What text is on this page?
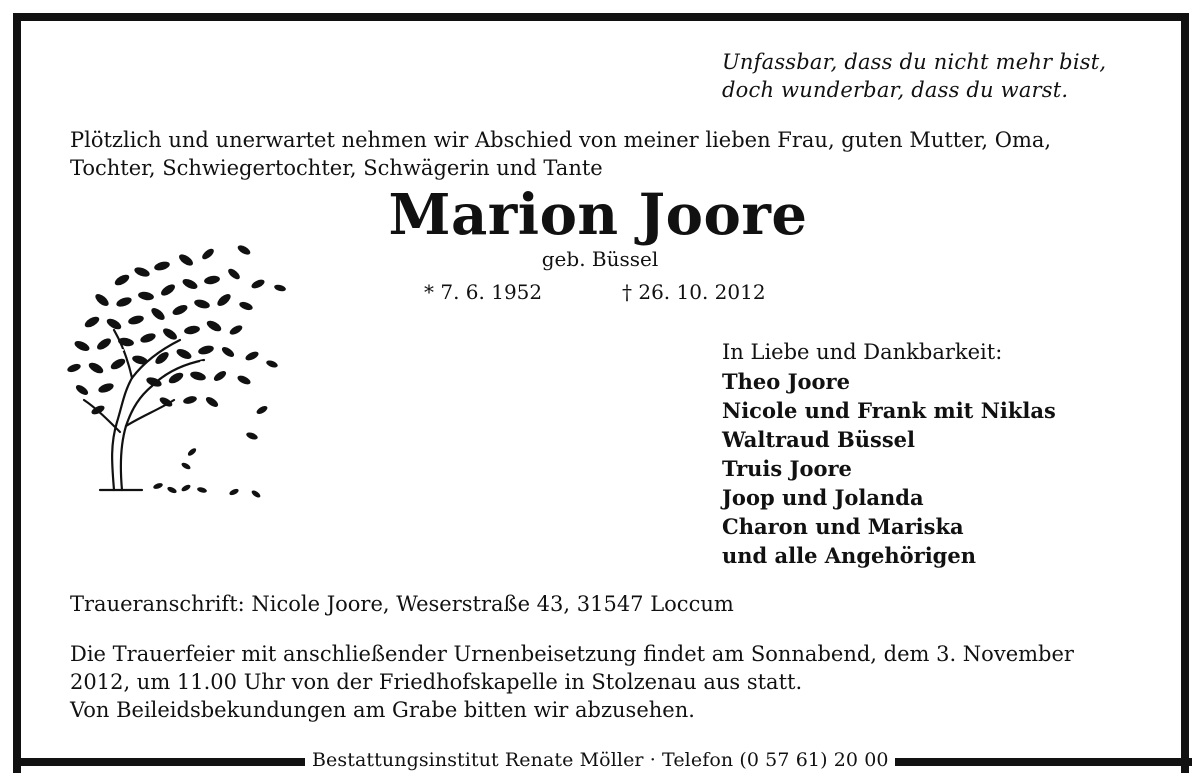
Unfassbar, dass du nicht mehr bist,
doch wunderbar, dass du warst.
Plötzlich und unerwartet nehmen wir Abschied von meiner lieben Frau, guten Mutter, Oma,
Tochter, Schwiegertochter, Schwägerin und Tante
Marion Joore
geb. Büssel
* 7. 6. 1952	† 26. 10. 2012
In Liebe und Dankbarkeit:
Theo Joore
Nicole und Frank mit Niklas
Waltraud Büssel
Truis Joore
Joop und Jolanda
Charon und Mariska
und alle Angehörigen
Traueranschrift: Nicole Joore, Weserstraße 43, 31547 Loccum
Die Trauerfeier mit anschließender Urnenbeisetzung findet am Sonnabend, dem 3. November
2012, um 11.00 Uhr von der Friedhofskapelle in Stolzenau aus statt.
Von Beileidsbekundungen am Grabe bitten wir abzusehen.
Bestattungsinstitut Renate Möller · Telefon (0 57 61) 20 00
